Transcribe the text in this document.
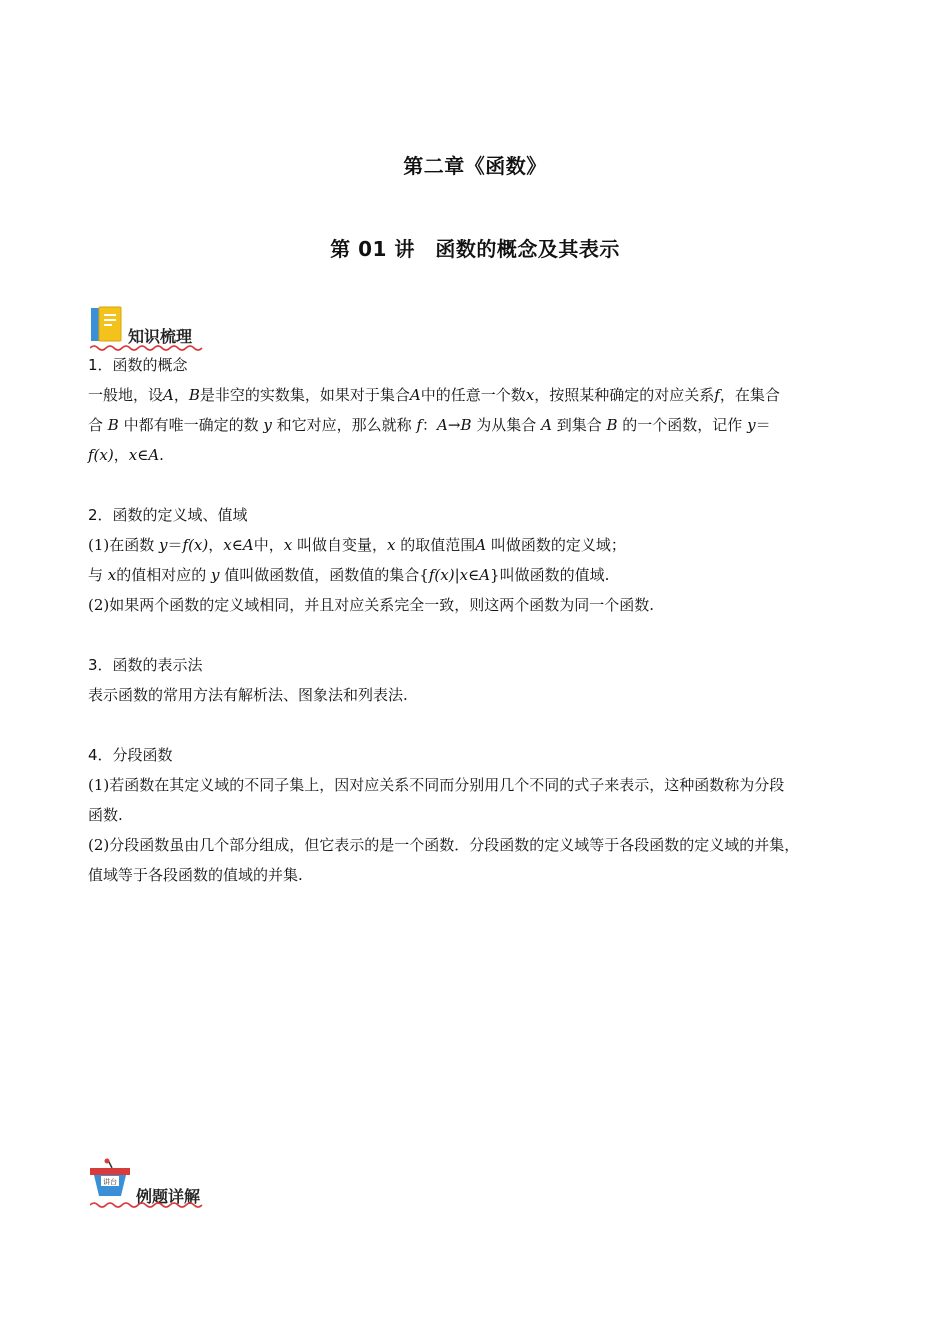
第二章《函数》
第 01 讲　函数的概念及其表示
知识梳理

1．函数的概念

一般地，设A，B是非空的实数集，如果对于集合A中的任意一个数x，按照某种确定的对应关系f，在集合
合 B 中都有唯一确定的数 y 和它对应，那么就称 f：A→B 为从集合 A 到集合 B 的一个函数，记作 y＝
f(x)，x∈A.

2．函数的定义域、值域

(1)在函数 y＝f(x)，x∈A中，x 叫做自变量，x 的取值范围A 叫做函数的定义域；

与 x的值相对应的 y 值叫做函数值，函数值的集合{f(x)|x∈A}叫做函数的值域.

(2)如果两个函数的定义域相同，并且对应关系完全一致，则这两个函数为同一个函数.

3．函数的表示法

表示函数的常用方法有解析法、图象法和列表法.

4．分段函数

(1)若函数在其定义域的不同子集上，因对应关系不同而分别用几个不同的式子来表示，这种函数称为分段

函数.

(2)分段函数虽由几个部分组成，但它表示的是一个函数．分段函数的定义域等于各段函数的定义域的并集，

值域等于各段函数的值域的并集.

讲台
例题详解
